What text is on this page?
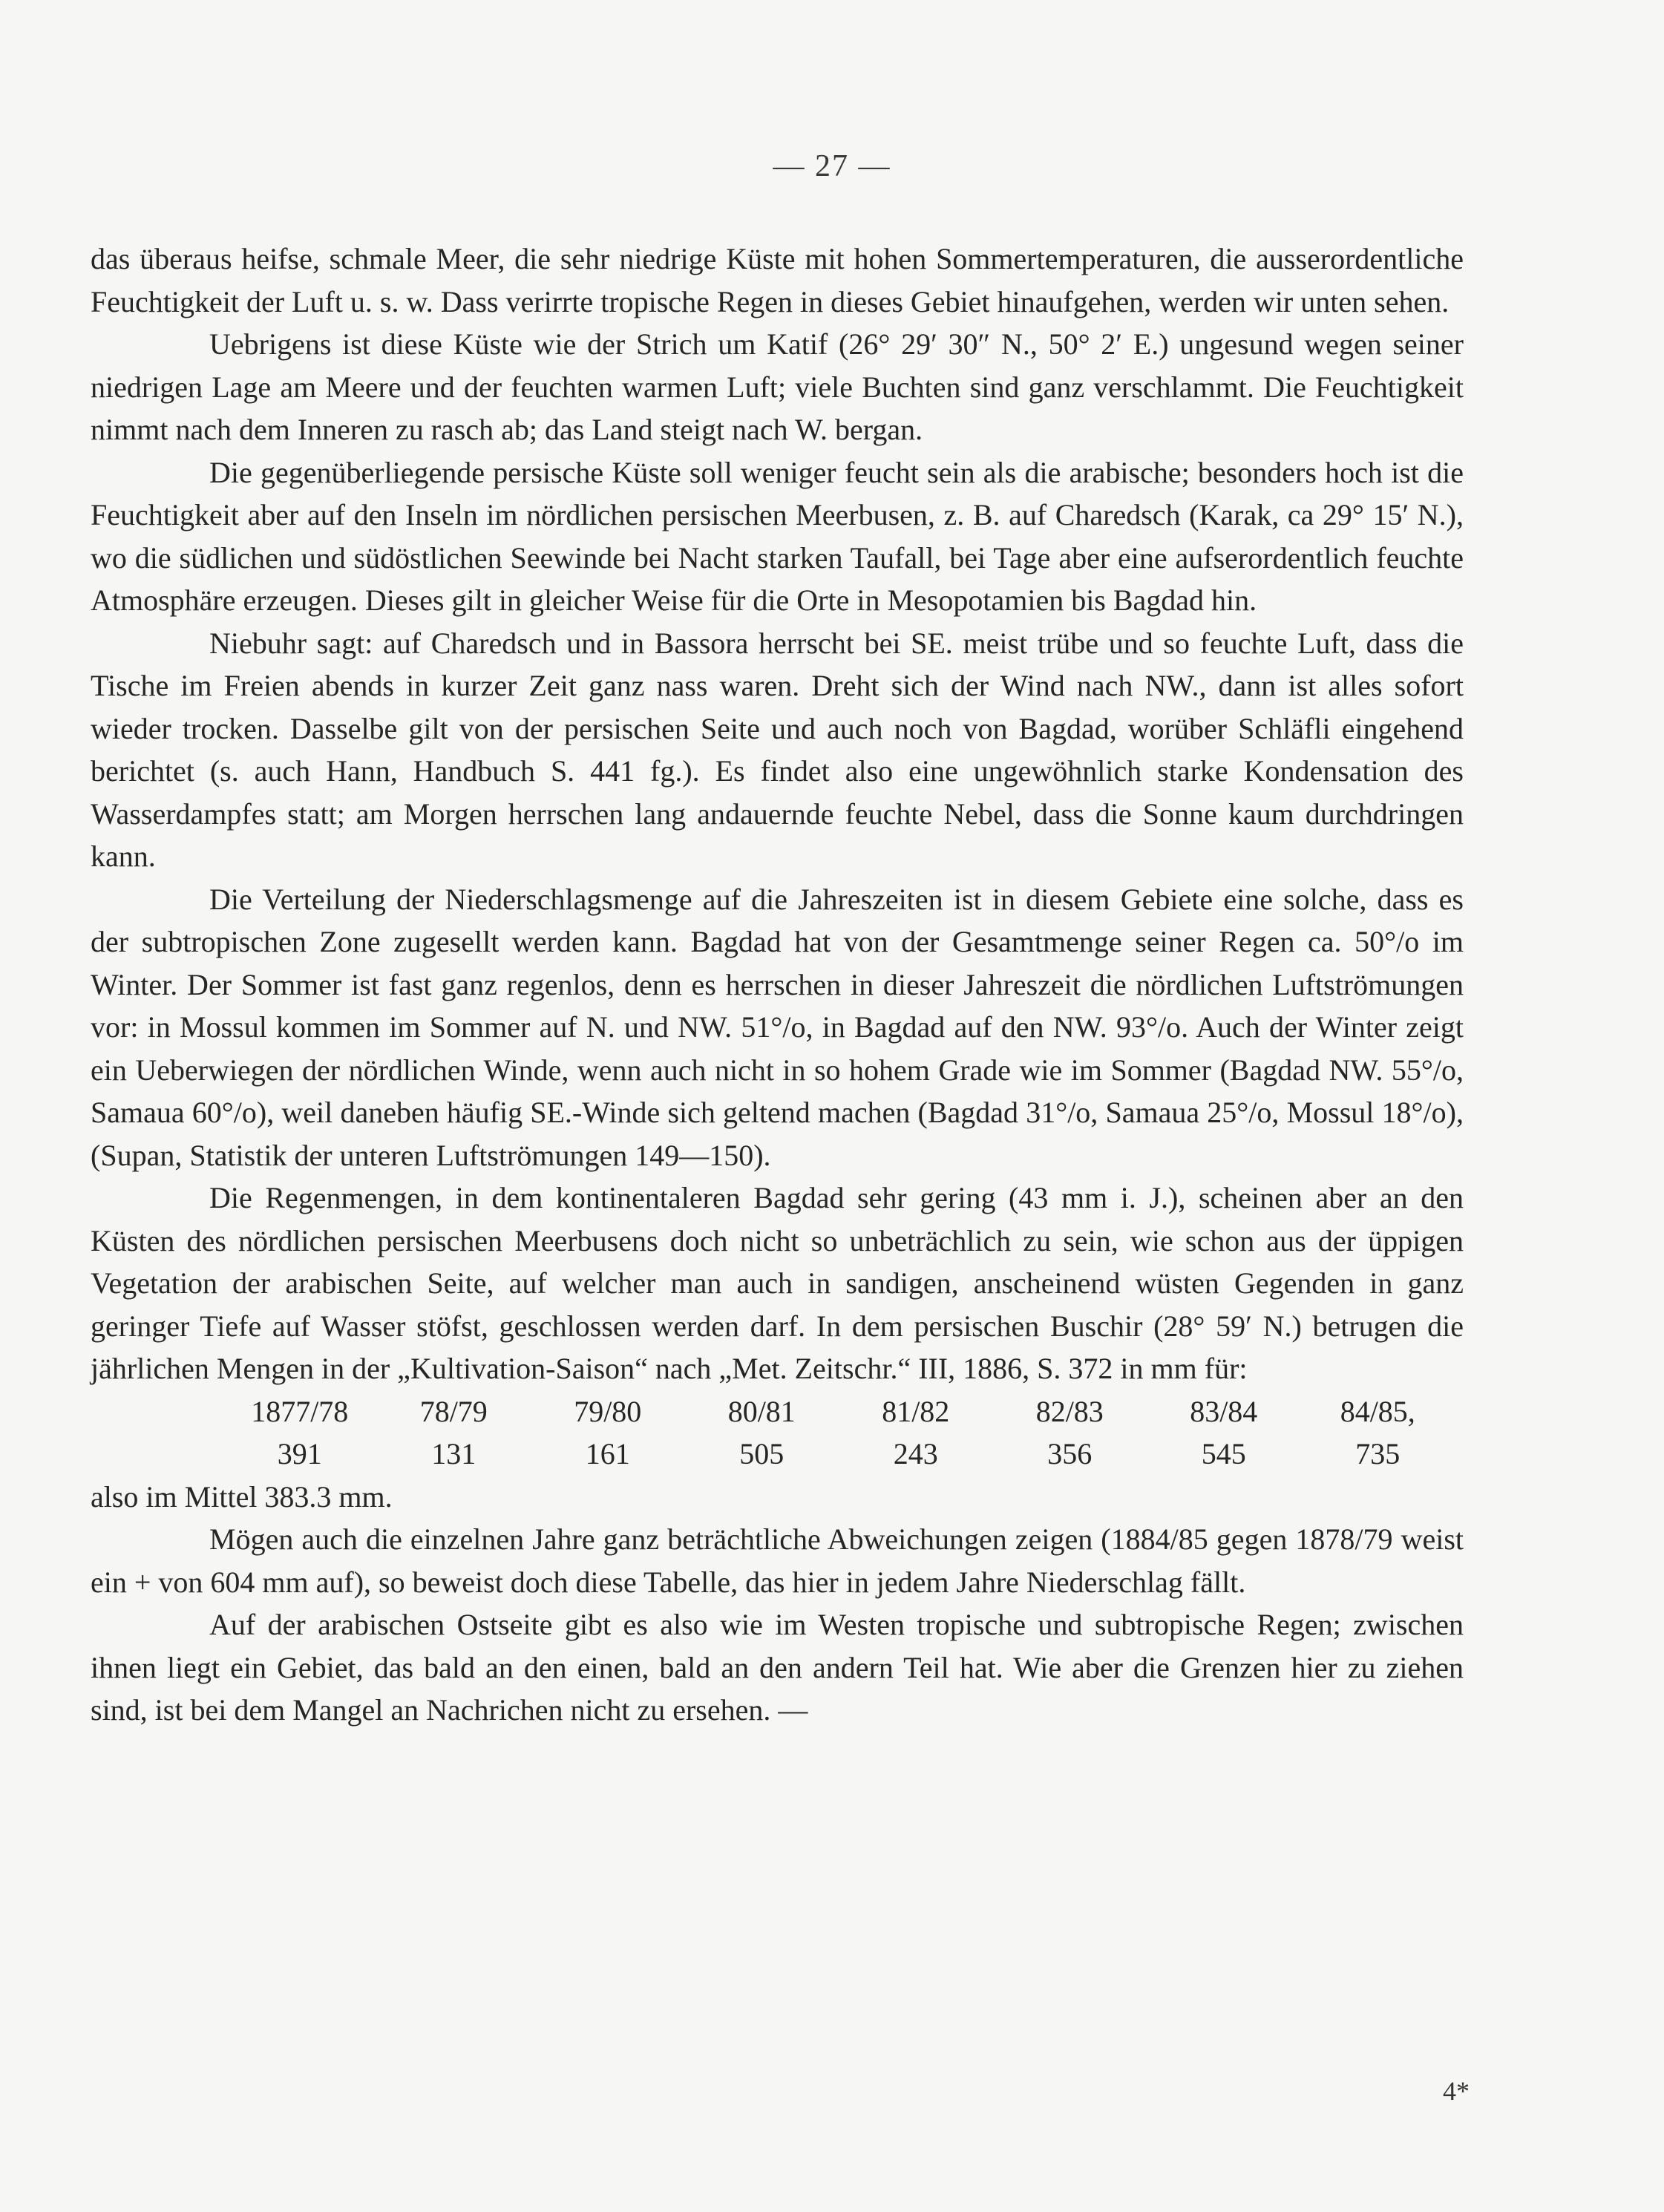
— 27 —

das überaus heifse, schmale Meer, die sehr niedrige Küste mit hohen Sommertemperaturen, die ausserordentliche Feuchtigkeit der Luft u. s. w. Dass verirrte tropische Regen in dieses Gebiet hinaufgehen, werden wir unten sehen.

Uebrigens ist diese Küste wie der Strich um Katif (26° 29′ 30″ N., 50° 2′ E.) ungesund wegen seiner niedrigen Lage am Meere und der feuchten warmen Luft; viele Buchten sind ganz verschlammt. Die Feuchtigkeit nimmt nach dem Inneren zu rasch ab; das Land steigt nach W. bergan.

Die gegenüberliegende persische Küste soll weniger feucht sein als die arabische; besonders hoch ist die Feuchtigkeit aber auf den Inseln im nördlichen persischen Meerbusen, z. B. auf Charedsch (Karak, ca 29° 15′ N.), wo die südlichen und südöstlichen Seewinde bei Nacht starken Taufall, bei Tage aber eine aufserordentlich feuchte Atmosphäre erzeugen. Dieses gilt in gleicher Weise für die Orte in Mesopotamien bis Bagdad hin.

Niebuhr sagt: auf Charedsch und in Bassora herrscht bei SE. meist trübe und so feuchte Luft, dass die Tische im Freien abends in kurzer Zeit ganz nass waren. Dreht sich der Wind nach NW., dann ist alles sofort wieder trocken. Dasselbe gilt von der persischen Seite und auch noch von Bagdad, worüber Schläfli eingehend berichtet (s. auch Hann, Handbuch S. 441 fg.). Es findet also eine ungewöhnlich starke Kondensation des Wasserdampfes statt; am Morgen herrschen lang andauernde feuchte Nebel, dass die Sonne kaum durchdringen kann.

Die Verteilung der Niederschlagsmenge auf die Jahreszeiten ist in diesem Gebiete eine solche, dass es der subtropischen Zone zugesellt werden kann. Bagdad hat von der Gesamtmenge seiner Regen ca. 50°/o im Winter. Der Sommer ist fast ganz regenlos, denn es herrschen in dieser Jahreszeit die nördlichen Luftströmungen vor: in Mossul kommen im Sommer auf N. und NW. 51°/o, in Bagdad auf den NW. 93°/o. Auch der Winter zeigt ein Ueberwiegen der nördlichen Winde, wenn auch nicht in so hohem Grade wie im Sommer (Bagdad NW. 55°/o, Samaua 60°/o), weil daneben häufig SE.-Winde sich geltend machen (Bagdad 31°/o, Samaua 25°/o, Mossul 18°/o), (Supan, Statistik der unteren Luftströmungen 149—150).

Die Regenmengen, in dem kontinentaleren Bagdad sehr gering (43 mm i. J.), scheinen aber an den Küsten des nördlichen persischen Meerbusens doch nicht so unbeträchlich zu sein, wie schon aus der üppigen Vegetation der arabischen Seite, auf welcher man auch in sandigen, anscheinend wüsten Gegenden in ganz geringer Tiefe auf Wasser stöfst, geschlossen werden darf. In dem persischen Buschir (28° 59′ N.) betrugen die jährlichen Mengen in der „Kultivation-Saison“ nach „Met. Zeitschr.“ III, 1886, S. 372 in mm für:

1877/78	78/79	79/80	80/81	81/82	82/83	83/84	84/85,
391	131	161	505	243	356	545	735

also im Mittel 383.3 mm.

Mögen auch die einzelnen Jahre ganz beträchtliche Abweichungen zeigen (1884/85 gegen 1878/79 weist ein + von 604 mm auf), so beweist doch diese Tabelle, das hier in jedem Jahre Niederschlag fällt.

Auf der arabischen Ostseite gibt es also wie im Westen tropische und subtropische Regen; zwischen ihnen liegt ein Gebiet, das bald an den einen, bald an den andern Teil hat. Wie aber die Grenzen hier zu ziehen sind, ist bei dem Mangel an Nachrichen nicht zu ersehen. —

4*
